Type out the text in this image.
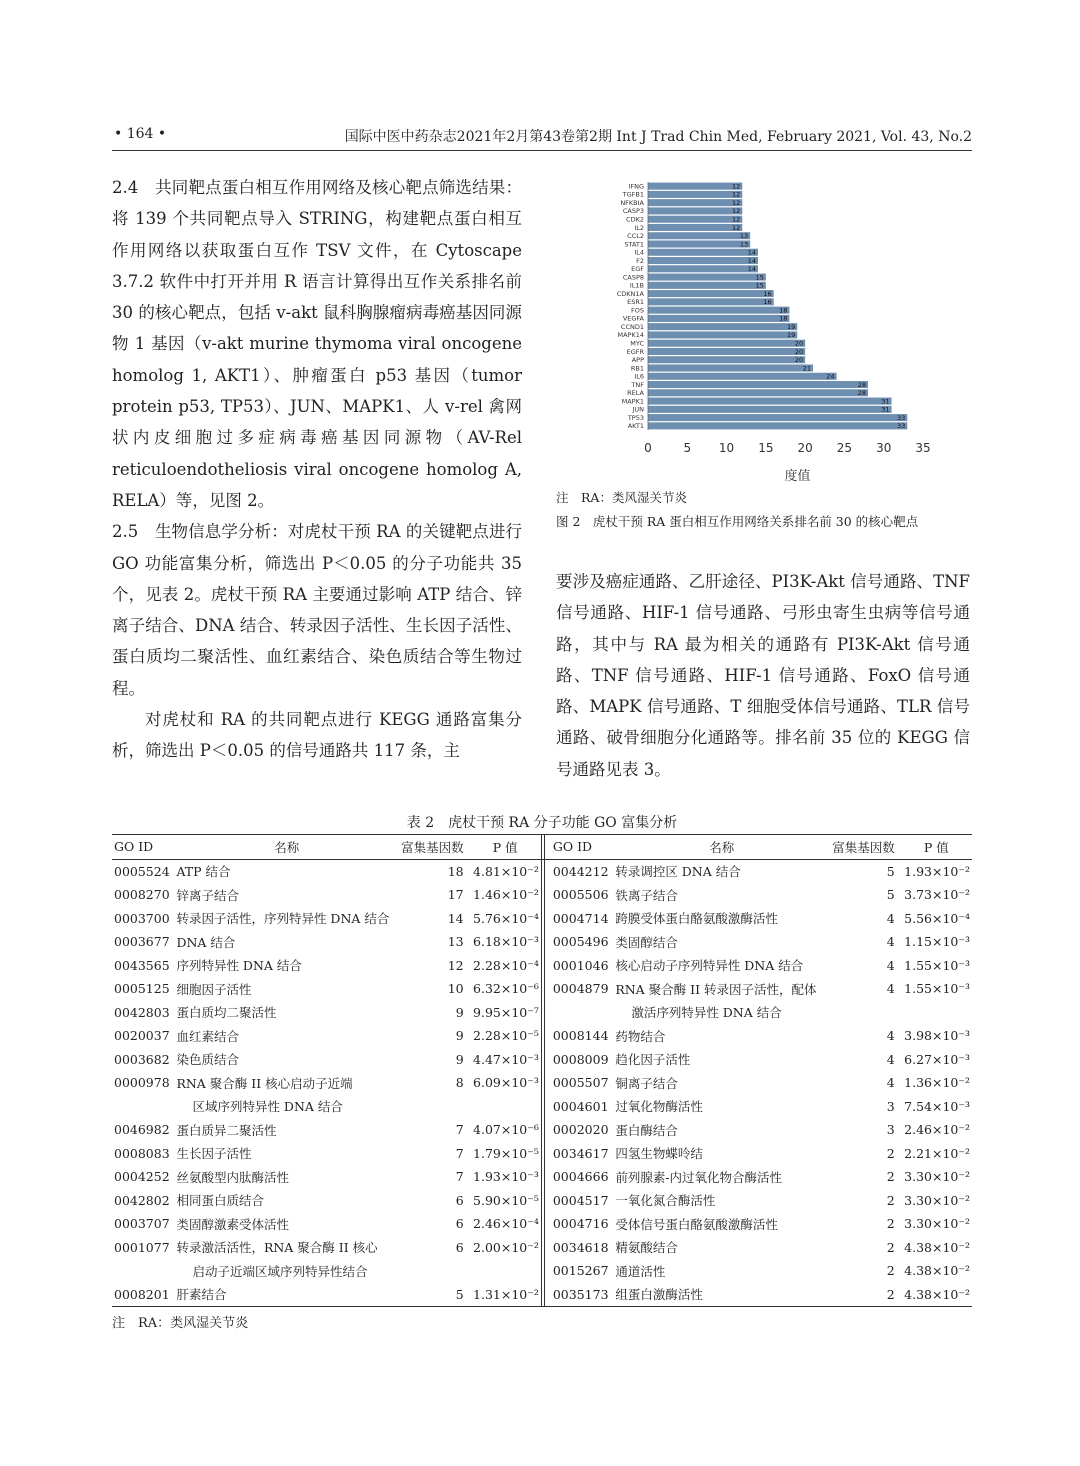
• 164 •	国际中医中药杂志2021年2月第43卷第2期 Int J Trad Chin Med, February 2021, Vol. 43, No.2

2.4　共同靶点蛋白相互作用网络及核心靶点筛选结果：将 139 个共同靶点导入 STRING，构建靶点蛋白相互作用网络以获取蛋白互作 TSV 文件，在 Cytoscape 3.7.2 软件中打开并用 R 语言计算得出互作关系排名前 30 的核心靶点，包括 v-akt 鼠科胸腺瘤病毒癌基因同源物 1 基因（v-akt murine thymoma viral oncogene homolog 1, AKT1）、肿瘤蛋白 p53 基因（tumor protein p53, TP53）、JUN、MAPK1、人 v-rel 禽网状内皮细胞过多症病毒癌基因同源物（AV-Rel reticuloendotheliosis viral oncogene homolog A, RELA）等，见图 2。

2.5　生物信息学分析：对虎杖干预 RA 的关键靶点进行 GO 功能富集分析，筛选出 P＜0.05 的分子功能共 35 个，见表 2。虎杖干预 RA 主要通过影响 ATP 结合、锌离子结合、DNA 结合、转录因子活性、生长因子活性、蛋白质均二聚活性、血红素结合、染色质结合等生物过程。

对虎杖和 RA 的共同靶点进行 KEGG 通路富集分析，筛选出 P＜0.05 的信号通路共 117 条，主

IFNG	12
TGFB1	12
NFKBIA	12
CASP3	12
CDK2	12
IL2	12
CCL2	13
STAT1	13
IL4	14
F2	14
EGF	14
CASP8	15
IL1B	15
CDKN1A	16
ESR1	16
FOS	18
VEGFA	18
CCND1	19
MAPK14	19
MYC	20
EGFR	20
APP	20
RB1	21
IL6	24
TNF	28
RELA	28
MAPK1	31
JUN	31
TP53	33
AKT1	33
0	5 10 15 20 25 30 35
度值
注　RA：类风湿关节炎
图 2　虎杖干预 RA 蛋白相互作用网络关系排名前 30 的核心靶点

要涉及癌症通路、乙肝途径、PI3K-Akt 信号通路、TNF 信号通路、HIF-1 信号通路、弓形虫寄生虫病等信号通路，其中与 RA 最为相关的通路有 PI3K-Akt 信号通路、TNF 信号通路、HIF-1 信号通路、FoxO 信号通路、MAPK 信号通路、T 细胞受体信号通路、TLR 信号通路、破骨细胞分化通路等。排名前 35 位的 KEGG 信号通路见表 3。

表 2　虎杖干预 RA 分子功能 GO 富集分析
GO ID	名称	富集基因数	P 值		GO ID	名称	富集基因数	P 值
0005524	ATP 结合	18	4.81×10⁻²		0044212	转录调控区 DNA 结合	5	1.93×10⁻²
0008270	锌离子结合	17	1.46×10⁻²		0005506	铁离子结合	5	3.73×10⁻²
0003700	转录因子活性，序列特异性 DNA 结合	14	5.76×10⁻⁴		0004714	跨膜受体蛋白酪氨酸激酶活性	4	5.56×10⁻⁴
0003677	DNA 结合	13	6.18×10⁻³		0005496	类固醇结合	4	1.15×10⁻³
0043565	序列特异性 DNA 结合	12	2.28×10⁻⁴		0001046	核心启动子序列特异性 DNA 结合	4	1.55×10⁻³
0005125	细胞因子活性	10	6.32×10⁻⁶		0004879	RNA 聚合酶 II 转录因子活性，配体	4	1.55×10⁻³
0042803	蛋白质均二聚活性	9	9.95×10⁻⁷			激活序列特异性 DNA 结合		
0020037	血红素结合	9	2.28×10⁻⁵		0008144	药物结合	4	3.98×10⁻³
0003682	染色质结合	9	4.47×10⁻³		0008009	趋化因子活性	4	6.27×10⁻³
0000978	RNA 聚合酶 II 核心启动子近端	8	6.09×10⁻³		0005507	铜离子结合	4	1.36×10⁻²
	区域序列特异性 DNA 结合				0004601	过氧化物酶活性	3	7.54×10⁻³
0046982	蛋白质异二聚活性	7	4.07×10⁻⁶		0002020	蛋白酶结合	3	2.46×10⁻²
0008083	生长因子活性	7	1.79×10⁻⁵		0034617	四氢生物蝶呤结	2	2.21×10⁻²
0004252	丝氨酸型内肽酶活性	7	1.93×10⁻³		0004666	前列腺素-内过氧化物合酶活性	2	3.30×10⁻²
0042802	相同蛋白质结合	6	5.90×10⁻⁵		0004517	一氧化氮合酶活性	2	3.30×10⁻²
0003707	类固醇激素受体活性	6	2.46×10⁻⁴		0004716	受体信号蛋白酪氨酸激酶活性	2	3.30×10⁻²
0001077	转录激活活性，RNA 聚合酶 II 核心	6	2.00×10⁻²		0034618	精氨酸结合	2	4.38×10⁻²
	启动子近端区域序列特异性结合				0015267	通道活性	2	4.38×10⁻²
0008201	肝素结合	5	1.31×10⁻²		0035173	组蛋白激酶活性	2	4.38×10⁻²
注　RA：类风湿关节炎
